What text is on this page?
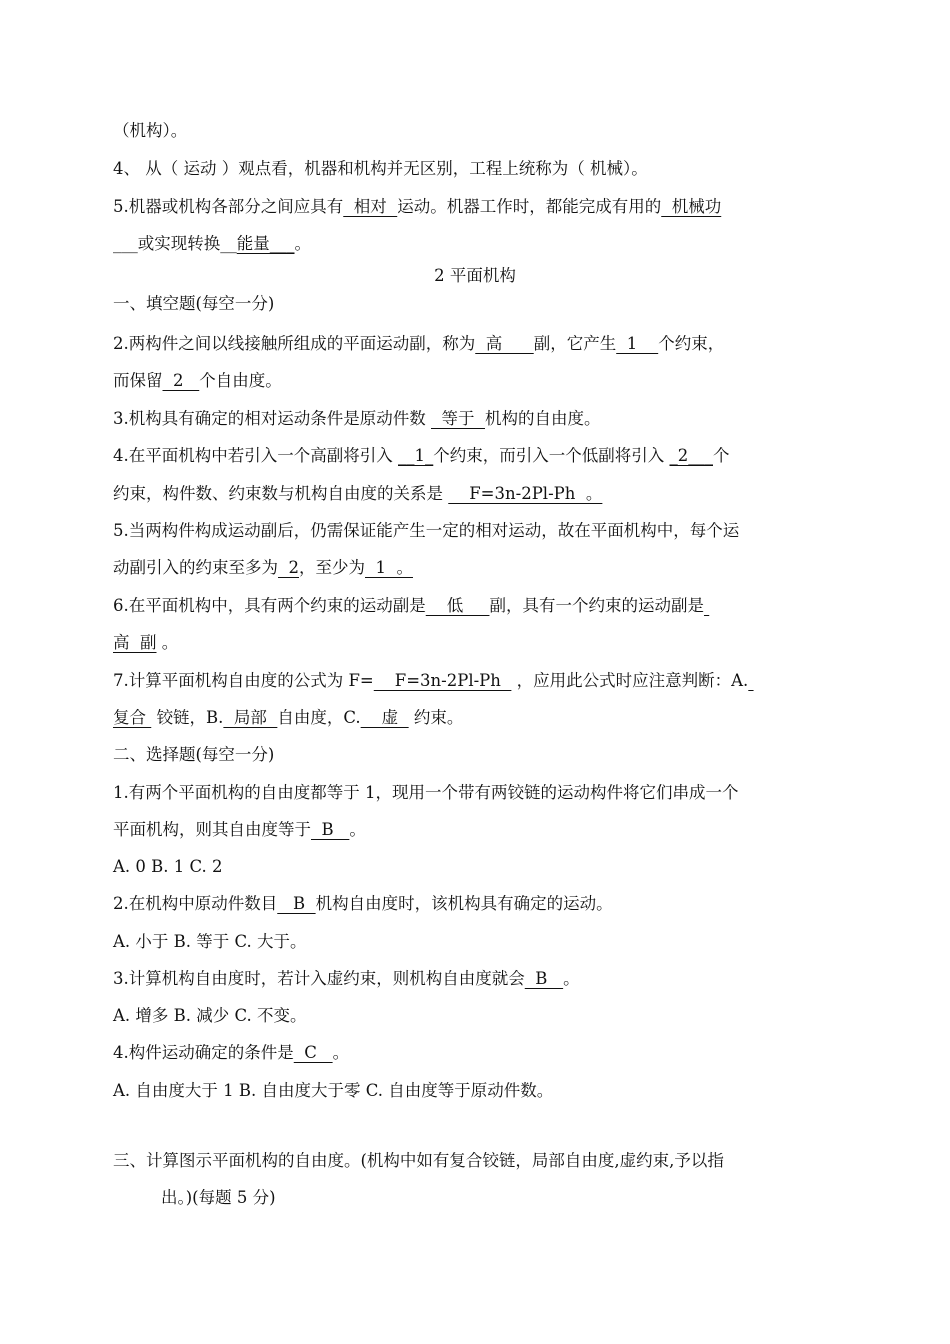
2 平面机构
（机构）。
4、 从（ 运动 ）观点看，机器和机构并无区别，工程上统称为（ 机械）。
5.机器或机构各部分之间应具有  相对  运动。机器工作时，都能完成有用的  机械功
___或实现转换__能量___。
一、填空题(每空一分)
2.两构件之间以线接触所组成的平面运动副，称为  高      副，它产生  1    个约束，
而保留  2   个自由度。
3.机构具有确定的相对运动条件是原动件数   等于  机构的自由度。
4.在平面机构中若引入一个高副将引入 __1_个约束，而引入一个低副将引入 _2___个
约束，构件数、约束数与机构自由度的关系是     F=3n-2Pl-Ph  。
5.当两构件构成运动副后，仍需保证能产生一定的相对运动，故在平面机构中，每个运
动副引入的约束至多为  2，至少为  1  。
6.在平面机构中，具有两个约束的运动副是    低     副，具有一个约束的运动副是
高  副 。
7.计算平面机构自由度的公式为 F=    F=3n-2Pl-Ph   ，应用此公式时应注意判断：A.
复合  铰链，B.  局部  自由度，C.    虚   约束。
二、选择题(每空一分)
1.有两个平面机构的自由度都等于 1，现用一个带有两铰链的运动构件将它们串成一个
平面机构，则其自由度等于  B   。
A. 0 B. 1 C. 2
2.在机构中原动件数目   B  机构自由度时，该机构具有确定的运动。
A. 小于 B. 等于 C. 大于。
3.计算机构自由度时，若计入虚约束，则机构自由度就会  B   。
A. 增多 B. 减少 C. 不变。
4.构件运动确定的条件是  C   。
A. 自由度大于 1 B. 自由度大于零 C. 自由度等于原动件数。
三、计算图示平面机构的自由度。(机构中如有复合铰链，局部自由度,虚约束,予以指
出。)(每题 5 分)
